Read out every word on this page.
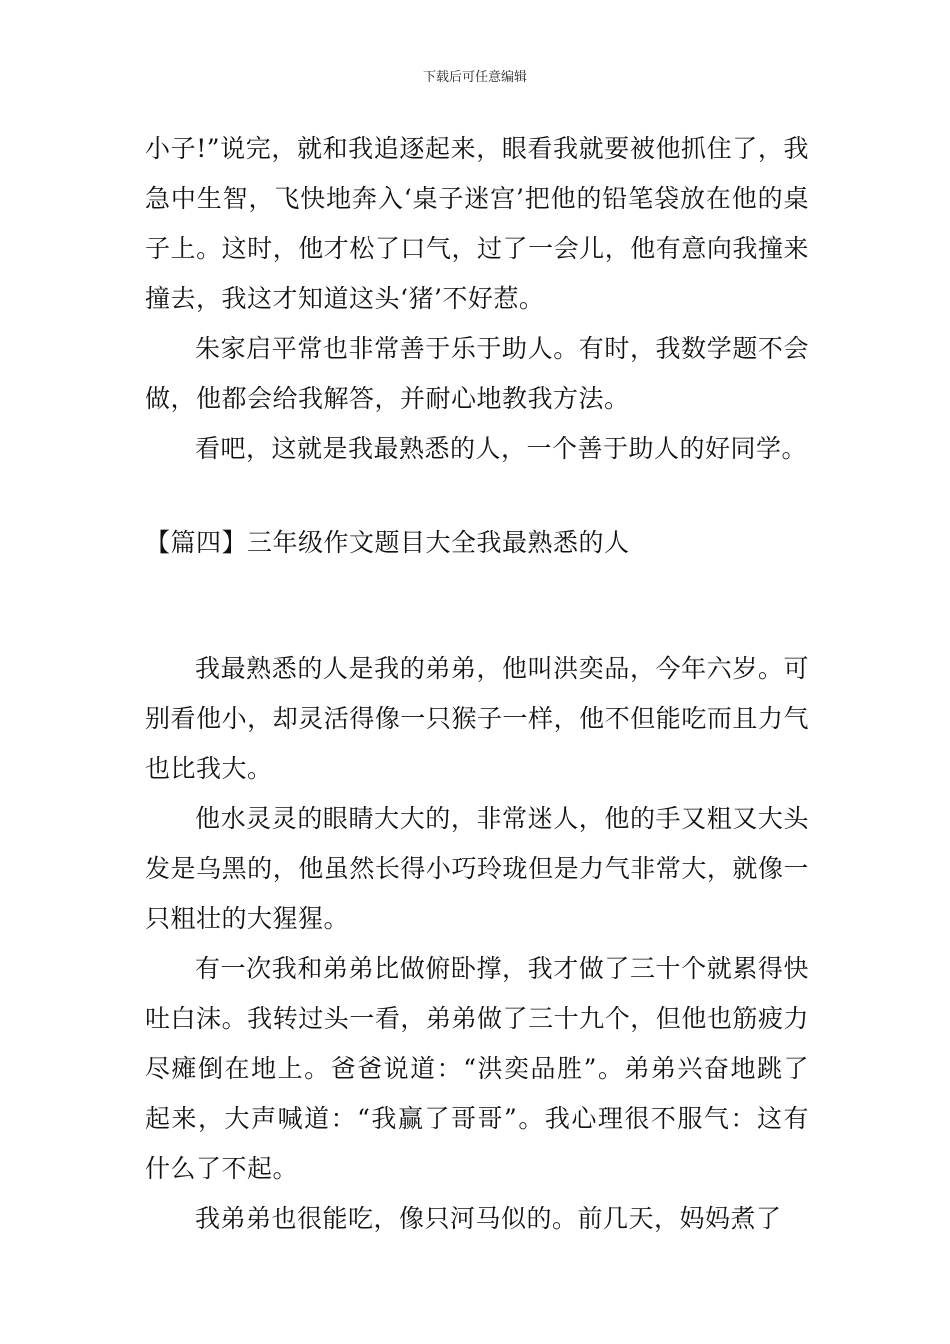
下载后可任意编辑

小子!”说完，就和我追逐起来，眼看我就要被他抓住了，我急中生智，飞快地奔入‘桌子迷宫’把他的铅笔袋放在他的桌子上。这时，他才松了口气，过了一会儿，他有意向我撞来撞去，我这才知道这头‘猪’不好惹。

朱家启平常也非常善于乐于助人。有时，我数学题不会做，他都会给我解答，并耐心地教我方法。

看吧，这就是我最熟悉的人，一个善于助人的好同学。

【篇四】三年级作文题目大全我最熟悉的人

我最熟悉的人是我的弟弟，他叫洪奕品，今年六岁。可别看他小，却灵活得像一只猴子一样，他不但能吃而且力气也比我大。

他水灵灵的眼睛大大的，非常迷人，他的手又粗又大头发是乌黑的，他虽然长得小巧玲珑但是力气非常大，就像一只粗壮的大猩猩。

有一次我和弟弟比做俯卧撑，我才做了三十个就累得快吐白沫。我转过头一看，弟弟做了三十九个，但他也筋疲力尽瘫倒在地上。爸爸说道：“洪奕品胜”。弟弟兴奋地跳了起来，大声喊道：“我赢了哥哥”。我心理很不服气：这有什么了不起。

我弟弟也很能吃，像只河马似的。前几天，妈妈煮了
